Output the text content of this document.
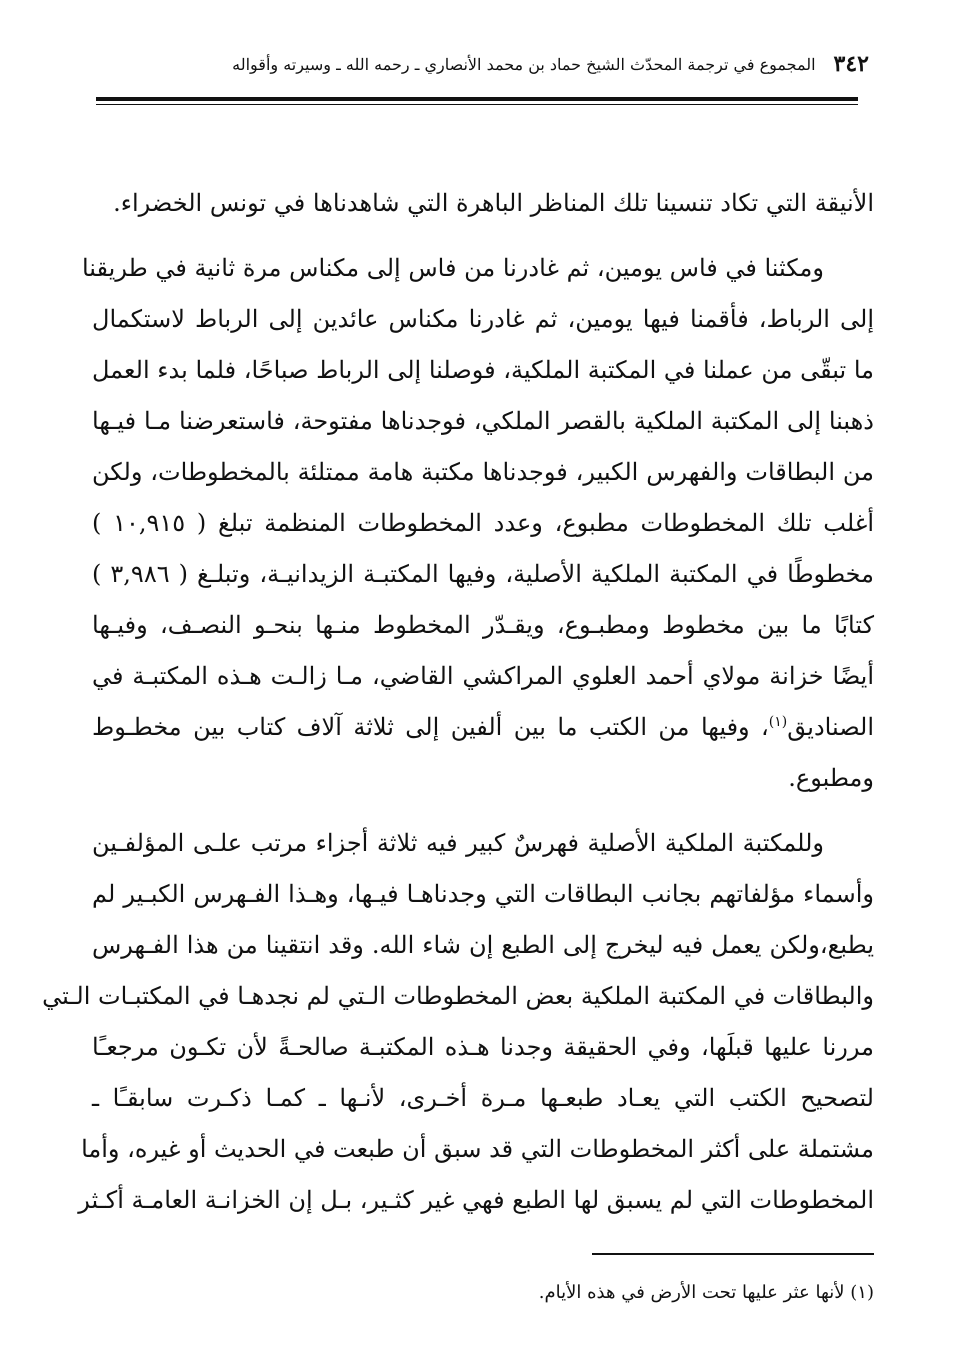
٣٤٢
المجموع في ترجمة المحدّث الشيخ حماد بن محمد الأنصاري ـ رحمه الله ـ وسيرته وأقواله
الأنيقة التي تكاد تنسينا تلك المناظر الباهرة التي شاهدناها في تونس الخضراء.
ومكثنا في فاس يومين، ثم غادرنا من فاس إلى مكناس مرة ثانية في طريقنا
إلى الرباط، فأقمنا فيها يومين، ثم غادرنا مكناس عائدين إلى الرباط لاستكمال
ما تبقّى من عملنا في المكتبة الملكية، فوصلنا إلى الرباط صباحًا، فلما بدء العمل
ذهبنا إلى المكتبة الملكية بالقصر الملكي، فوجدناها مفتوحة، فاستعرضنا مـا فيـها
من البطاقات والفهرس الكبير، فوجدناها مكتبة هامة ممتلئة بالمخطوطات، ولكن
أغلب تلك المخطوطات مطبوع، وعدد المخطوطات المنظمة تبلغ ( ١٠,٩١٥ )
مخطوطًا في المكتبة الملكية الأصلية، وفيها المكتبـة الزيدانيـة، وتبلـغ ( ٣,٩٨٦ )
كتابًا ما بين مخطوط ومطبـوع، ويقـدّر المخطوط منـها بنحـو النصـف، وفيـها
أيضًا خزانة مولاي أحمد العلوي المراكشي القاضي، مـا زالـت هـذه المكتبـة في
الصناديق$^{(١)}$، وفيها من الكتب ما بين ألفين إلى ثلاثة آلاف كتاب بين مخطـوط
ومطبوع.
وللمكتبة الملكية الأصلية فهرسٌ كبير فيه ثلاثة أجزاء مرتب علـى المؤلفـين
وأسماء مؤلفاتهم بجانب البطاقات التي وجدناهـا فيـها، وهـذا الفـهرس الكبـير لم
يطبع،ولكن يعمل فيه ليخرج إلى الطبع إن شاء الله. وقد انتقينا من هذا الفـهرس
والبطاقات في المكتبة الملكية بعض المخطوطات الـتي لم نجدهـا في المكتبـات الـتي
مررنا عليها قبلَها، وفي الحقيقة وجدنا هـذه المكتبـة صالحـةً لأن تكـون مرجعـًا
لتصحيح الكتب التي يعـاد طبعـها مـرة أخـرى، لأنـها ـ كمـا ذكـرت سابقـًا ـ
مشتملة على أكثر المخطوطات التي قد سبق أن طبعت في الحديث أو غيره، وأما
المخطوطات التي لم يسبق لها الطبع فهي غير كثـير، بـل إن الخزانـة العامـة أكـثر
(١) لأنها عثر عليها تحت الأرض في هذه الأيام.
